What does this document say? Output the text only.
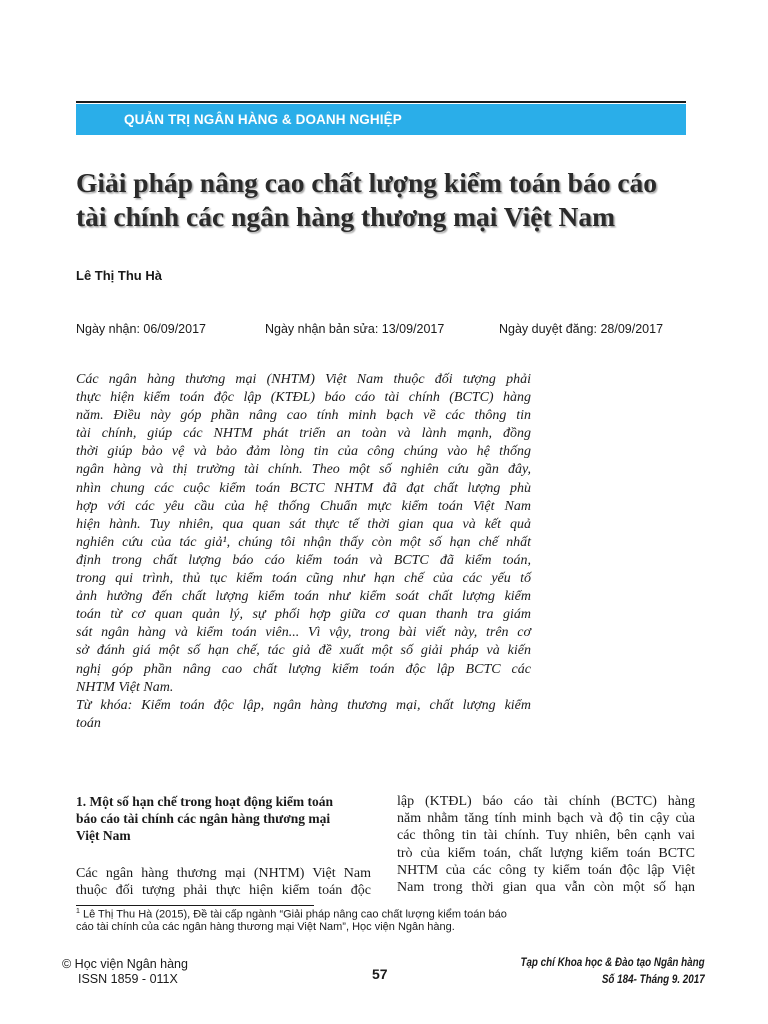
QUẢN TRỊ NGÂN HÀNG & DOANH NGHIỆP
Giải pháp nâng cao chất lượng kiểm toán báo cáo
tài chính các ngân hàng thương mại Việt Nam

Lê Thị Thu Hà

Ngày nhận: 06/09/2017	Ngày nhận bản sửa: 13/09/2017	Ngày duyệt đăng: 28/09/2017

Các ngân hàng thương mại (NHTM) Việt Nam thuộc đối tượng phải
thực hiện kiểm toán độc lập (KTĐL) báo cáo tài chính (BCTC) hàng
năm. Điều này góp phần nâng cao tính minh bạch về các thông tin
tài chính, giúp các NHTM phát triển an toàn và lành mạnh, đồng
thời giúp bảo vệ và bảo đảm lòng tin của công chúng vào hệ thống
ngân hàng và thị trường tài chính. Theo một số nghiên cứu gần đây,
nhìn chung các cuộc kiểm toán BCTC NHTM đã đạt chất lượng phù
hợp với các yêu cầu của hệ thống Chuẩn mực kiểm toán Việt Nam
hiện hành. Tuy nhiên, qua quan sát thực tế thời gian qua và kết quả
nghiên cứu của tác giả¹, chúng tôi nhận thấy còn một số hạn chế nhất
định trong chất lượng báo cáo kiểm toán và BCTC đã kiểm toán,
trong qui trình, thủ tục kiểm toán cũng như hạn chế của các yếu tố
ảnh hưởng đến chất lượng kiểm toán như kiểm soát chất lượng kiểm
toán từ cơ quan quản lý, sự phối hợp giữa cơ quan thanh tra giám
sát ngân hàng và kiểm toán viên... Vì vậy, trong bài viết này, trên cơ
sở đánh giá một số hạn chế, tác giả đề xuất một số giải pháp và kiến
nghị góp phần nâng cao chất lượng kiểm toán độc lập BCTC các
NHTM Việt Nam.
Từ khóa: Kiểm toán độc lập, ngân hàng thương mại, chất lượng kiểm
toán
1. Một số hạn chế trong hoạt động kiểm toán
báo cáo tài chính các ngân hàng thương mại
Việt Nam
Các ngân hàng thương mại (NHTM) Việt Nam
thuộc đối tượng phải thực hiện kiểm toán độc
lập (KTĐL) báo cáo tài chính (BCTC) hàng
năm nhằm tăng tính minh bạch và độ tin cậy của
các thông tin tài chính. Tuy nhiên, bên cạnh vai
trò của kiểm toán, chất lượng kiểm toán BCTC
NHTM của các công ty kiểm toán độc lập Việt
Nam trong thời gian qua vẫn còn một số hạn
$^1$ Lê Thị Thu Hà (2015), Đề tài cấp ngành “Giải pháp nâng cao chất lượng kiểm toán báo
cáo tài chính của các ngân hàng thương mại Việt Nam”, Học viện Ngân hàng.
© Học viện Ngân hàng
ISSN 1859 - 011X	57

Tạp chí Khoa học & Đào tạo Ngân hàng
Số 184- Tháng 9. 2017
